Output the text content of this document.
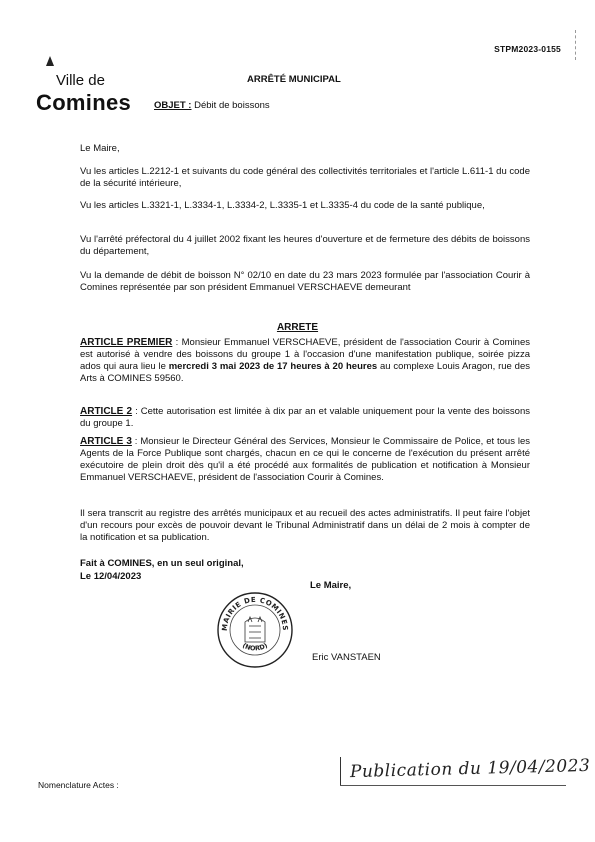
STPM2023-0155
Ville de
Comines
ARRÊTÉ MUNICIPAL
OBJET : Débit de boissons
Le Maire,
Vu les articles L.2212-1 et suivants du code général des collectivités territoriales et l'article L.611-1 du code de la sécurité intérieure,
Vu les articles L.3321-1, L.3334-1, L.3334-2, L.3335-1 et L.3335-4 du code de la santé publique,
Vu l'arrêté préfectoral du 4 juillet 2002 fixant les heures d'ouverture et de fermeture des débits de boissons du département,
Vu la demande de débit de boisson N° 02/10 en date du 23 mars 2023 formulée par l'association Courir à Comines représentée par son président Emmanuel VERSCHAEVE demeurant
ARRETE
ARTICLE PREMIER : Monsieur Emmanuel VERSCHAEVE, président de l'association Courir à Comines est autorisé à vendre des boissons du groupe 1 à l'occasion d'une manifestation publique, soirée pizza ados qui aura lieu le mercredi 3 mai 2023 de 17 heures à 20 heures au complexe Louis Aragon, rue des Arts à COMINES 59560.
ARTICLE 2 : Cette autorisation est limitée à dix par an et valable uniquement pour la vente des boissons du groupe 1.
ARTICLE 3 : Monsieur le Directeur Général des Services, Monsieur le Commissaire de Police, et tous les Agents de la Force Publique sont chargés, chacun en ce qui le concerne de l'exécution du présent arrêté exécutoire de plein droit dès qu'il a été procédé aux formalités de publication et notification à Monsieur Emmanuel VERSCHAEVE, président de l'association Courir à Comines.
Il sera transcrit au registre des arrêtés municipaux et au recueil des actes administratifs. Il peut faire l'objet d'un recours pour excès de pouvoir devant le Tribunal Administratif dans un délai de 2 mois à compter de la notification et sa publication.
Fait à COMINES, en un seul original,
Le 12/04/2023
Le Maire,
MAIRIE DE COMINES
(NORD)
Eric VANSTAEN
Nomenclature Actes :
Publication du 19/04/2023
